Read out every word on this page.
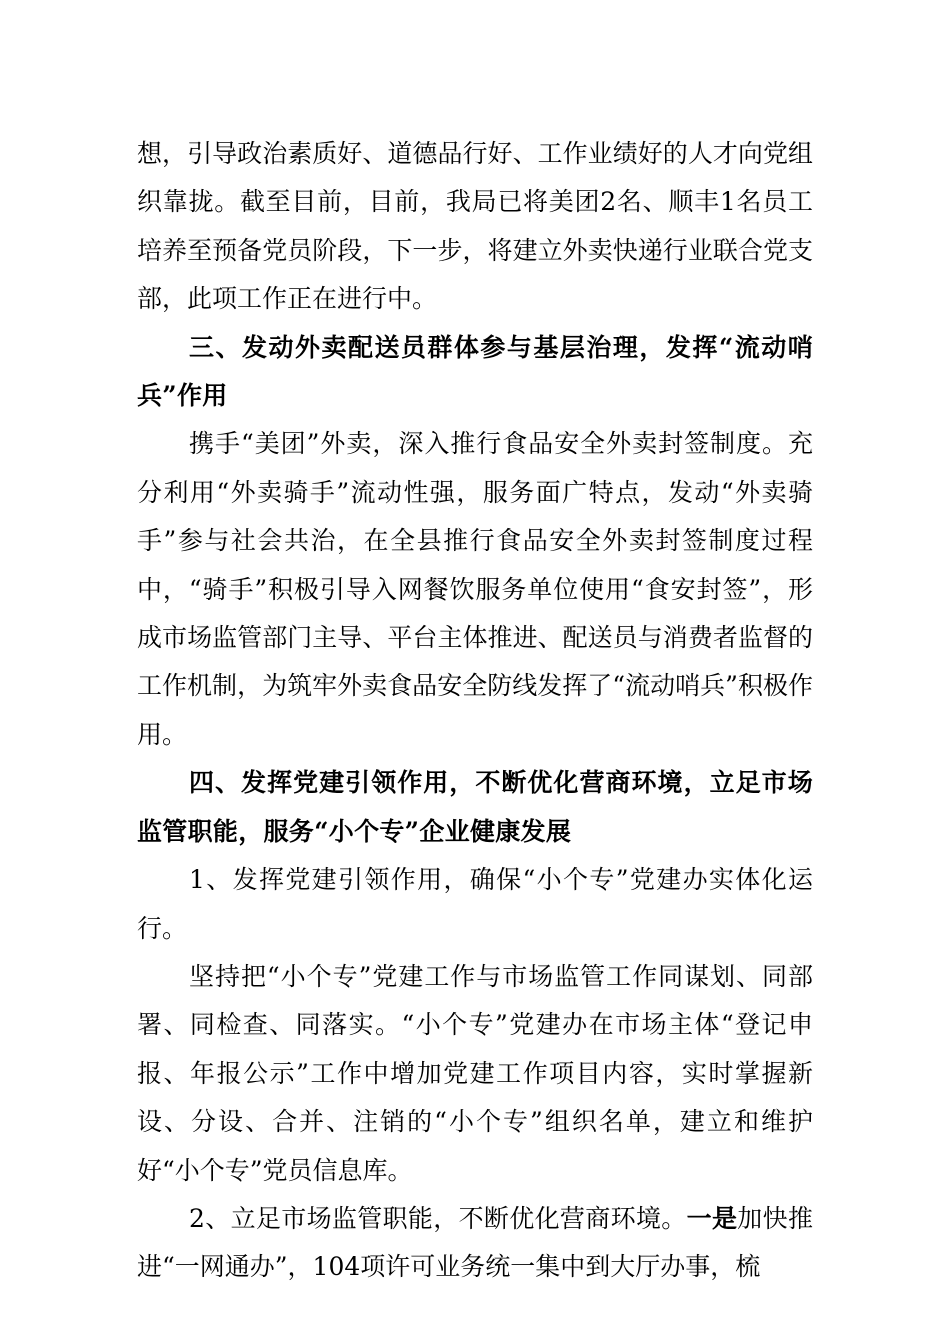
想，引导政治素质好、道德品行好、工作业绩好的人才向党组织靠拢。截至目前，目前，我局已将美团2名、顺丰1名员工培养至预备党员阶段，下一步，将建立外卖快递行业联合党支部，此项工作正在进行中。

三、发动外卖配送员群体参与基层治理，发挥“流动哨兵”作用

携手“美团”外卖，深入推行食品安全外卖封签制度。充分利用“外卖骑手”流动性强，服务面广特点，发动“外卖骑手”参与社会共治，在全县推行食品安全外卖封签制度过程中，“骑手”积极引导入网餐饮服务单位使用“食安封签”，形成市场监管部门主导、平台主体推进、配送员与消费者监督的工作机制，为筑牢外卖食品安全防线发挥了“流动哨兵”积极作用。

四、发挥党建引领作用，不断优化营商环境，立足市场监管职能，服务“小个专”企业健康发展

1、发挥党建引领作用，确保“小个专”党建办实体化运行。

坚持把“小个专”党建工作与市场监管工作同谋划、同部署、同检查、同落实。“小个专”党建办在市场主体“登记申报、年报公示”工作中增加党建工作项目内容，实时掌握新设、分设、合并、注销的“小个专”组织名单，建立和维护好“小个专”党员信息库。

2、立足市场监管职能，不断优化营商环境。一是加快推进“一网通办”，104项许可业务统一集中到大厅办事，梳
